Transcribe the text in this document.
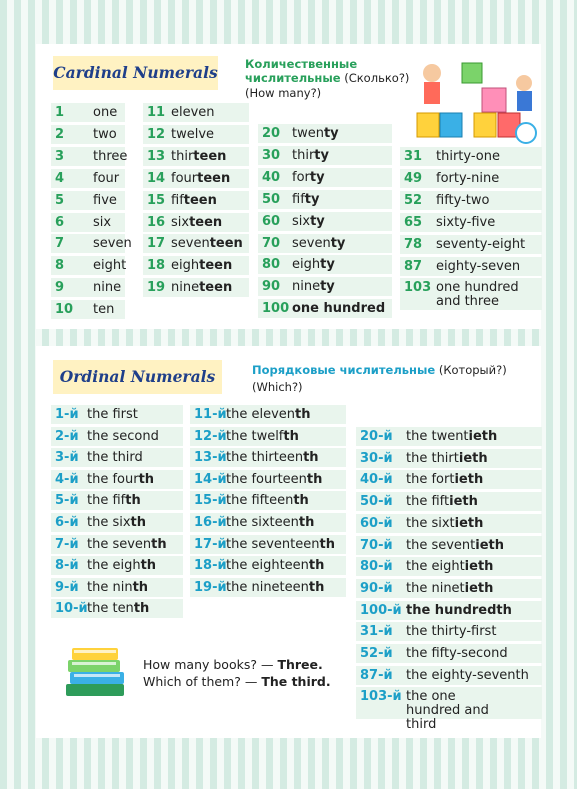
Cardinal Numerals Количественные
числительные (Сколько?)
(How many?)
1 one
2 two
3 three
4 four
5 five
6 six
7 seven
8 eight
9 nine
10 ten
11 eleven
12 twelve
13 thirteen
14 fourteen
15 fifteen
16 sixteen
17 seventeen
18 eighteen
19 nineteen
20 twenty
30 thirty
40 forty
50 fifty
60 sixty
70 seventy
80 eighty
90 ninety
100 one hundred
31 thirty-one
49 forty-nine
52 fifty-two
65 sixty-five
78 seventy-eight
87 eighty-seven
103 one hundred and three
Ordinal Numerals	Порядковые числительные (Который?)
(Which?)
1-й the first
2-й the second
3-й the third
4-й the fourth
5-й the fifth
6-й the sixth
7-й the seventh
8-й the eighth
9-й the ninth
10-й the tenth
11-й the eleventh
12-й the twelfth
13-й the thirteenth
14-й the fourteenth
15-й the fifteenth
16-й the sixteenth
17-й the seventeenth
18-й the eighteenth
19-й the nineteenth
20-й the twentieth
30-й the thirtieth
40-й the fortieth
50-й the fiftieth
60-й the sixtieth
70-й the seventieth
80-й the eightieth
90-й the ninetieth
100-й the hundredth
31-й the thirty-first
52-й the fifty-second
87-й the eighty-seventh
103-й the one hundred and third
How many books? — Three.
Which of them? — The third.
